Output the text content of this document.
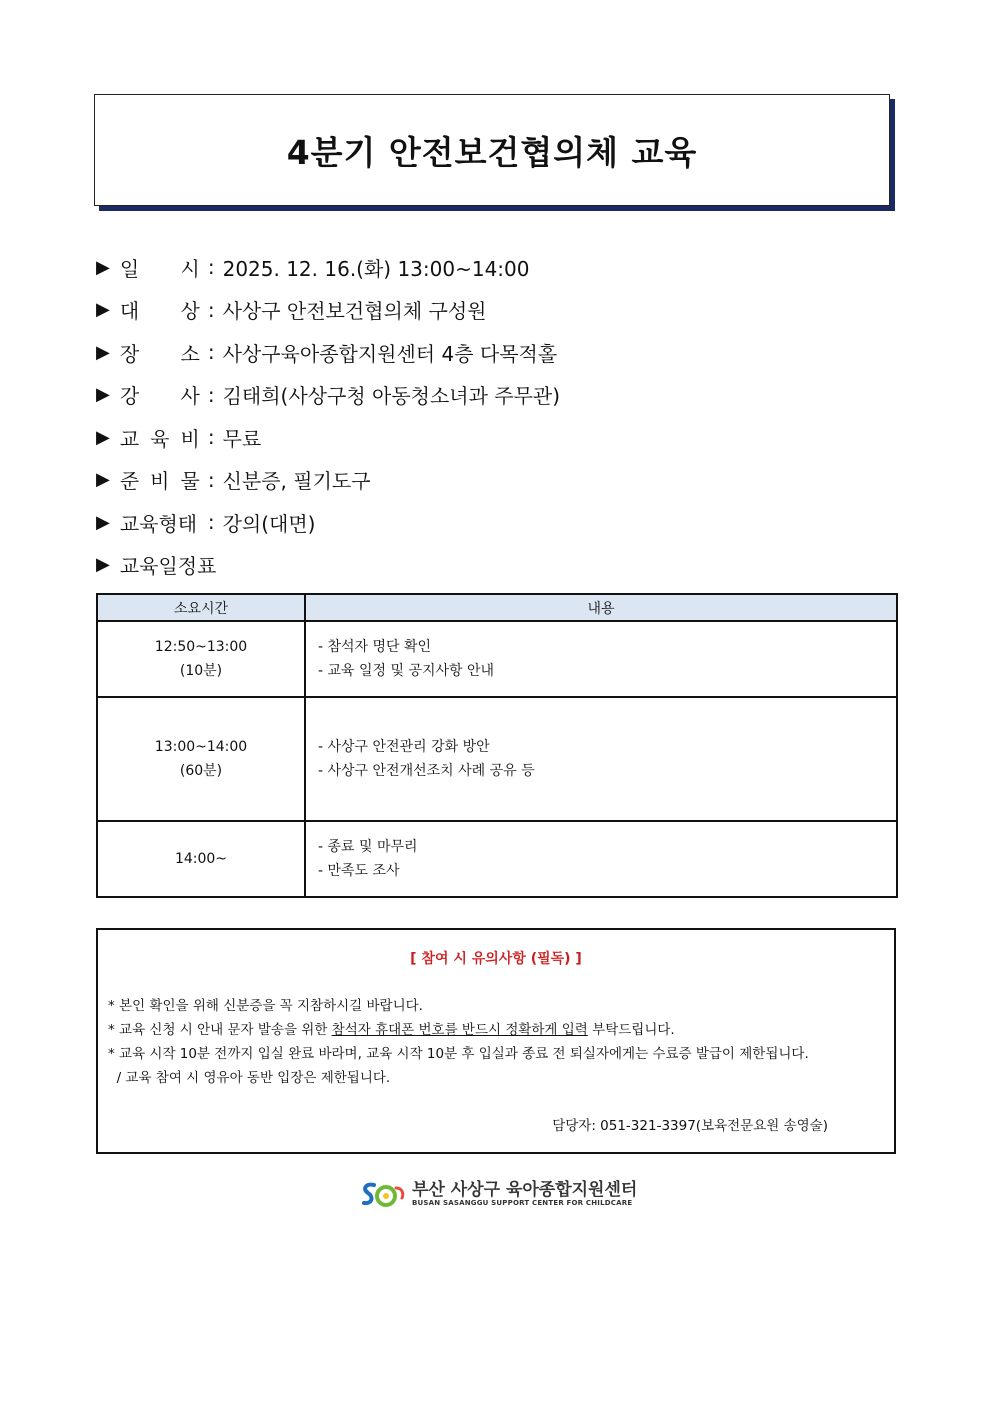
4분기 안전보건협의체 교육
▶ 일 시 : 2025. 12. 16.(화) 13:00~14:00
▶ 대 상 : 사상구 안전보건협의체 구성원
▶ 장 소 : 사상구육아종합지원센터 4층 다목적홀
▶ 강 사 : 김태희(사상구청 아동청소녀과 주무관)
▶ 교 육 비 : 무료
▶ 준 비 물 : 신분증, 필기도구
▶ 교육형태 : 강의(대면)
▶ 교육일정표
소요시간	내용

12:50~13:00
(10분)	- 참석자 명단 확인
- 교육 일정 및 공지사항 안내

13:00~14:00
(60분)	- 사상구 안전관리 강화 방안
- 사상구 안전개선조치 사례 공유 등

14:00~	- 종료 및 마무리
- 만족도 조사
[ 참여 시 유의사항 (필독) ]
* 본인 확인을 위해 신분증을 꼭 지참하시길 바랍니다.
* 교육 신청 시 안내 문자 발송을 위한 참석자 휴대폰 번호를 반드시 정확하게 입력 부탁드립니다.
* 교육 시작 10분 전까지 입실 완료 바라며, 교육 시작 10분 후 입실과 종료 전 퇴실자에게는 수료증 발급이 제한됩니다.
/ 교육 참여 시 영유아 동반 입장은 제한됩니다.
담당자: 051-321-3397(보육전문요원 송영술)
부산 사상구 육아종합지원센터
BUSAN SASANGGU SUPPORT CENTER FOR CHILDCARE
